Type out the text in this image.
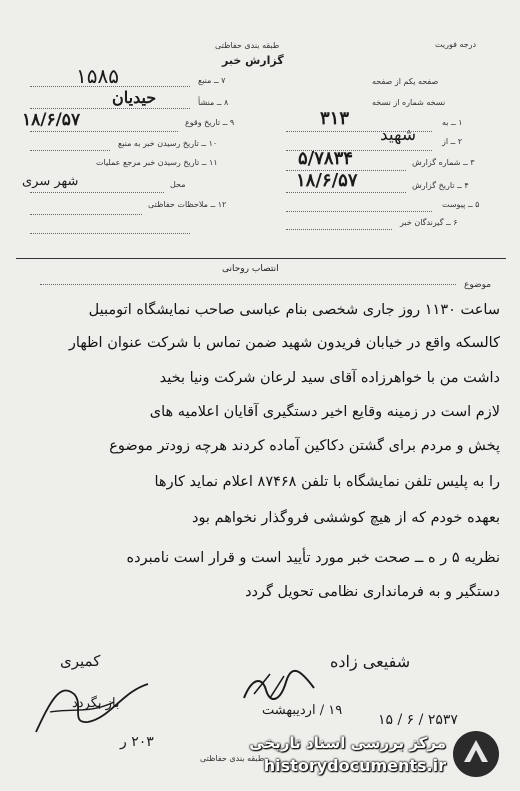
درجه فوریت
طبقه بندی حفاظتی
گزارش خبر
صفحه یکم از صفحه
نسخه شماره از نسخه
۱ ــ به
۳۱۳
۲ ــ از
شهید
۳ ــ شماره گزارش
۵/۷۸۳۴
۴ ــ تاریخ گزارش
۱۸/۶/۵۷
۵ ــ پیوست
۶ ــ گیرندگان خبر
۷ ــ منبع
۱۵۸۵
۸ ــ منشأ
حیدیان
۹ ــ تاریخ وقوع
۱۸/۶/۵۷
۱۰ ــ تاریخ رسیدن خبر به منبع
۱۱ ــ تاریخ رسیدن خبر مرجع عملیات
محل
شهر سری
۱۲ ــ ملاحظات حفاظتی
موضوع
انتصاب روحانی
ساعت ۱۱۳۰ روز جاری شخصی بنام عباسی صاحب نمایشگاه اتومبیل
کالسکه واقع در خیابان فریدون شهید ضمن تماس با شرکت عنوان اظهار
داشت من با خواهرزاده آقای سید لرعان شرکت ونیا بخید
لازم است در زمینه وقایع اخیر دستگیری آقایان اعلامیه های
پخش و مردم برای گشتن دکاکین آماده کردند هرچه زودتر موضوع
را به پلیس تلفن نمایشگاه با تلفن ۸۷۴۶۸ اعلام نماید کارها
بعهده خودم که از هیچ کوششی فروگذار نخواهم بود
نظریه ۵ ر ه ــ صحت خبر مورد تأیید است و قرار است نامبرده
دستگیر و به فرمانداری نظامی تحویل گردد
شفیعی زاده
۱۹ / اردیبهشت
۲۵۳۷ / ۶ / ۱۵
کمیری
باز بگردد
۲۰۳ ر
طبقه بندی حفاظتی
مرکز بررسی اسناد تاریخی
historydocuments.ir
